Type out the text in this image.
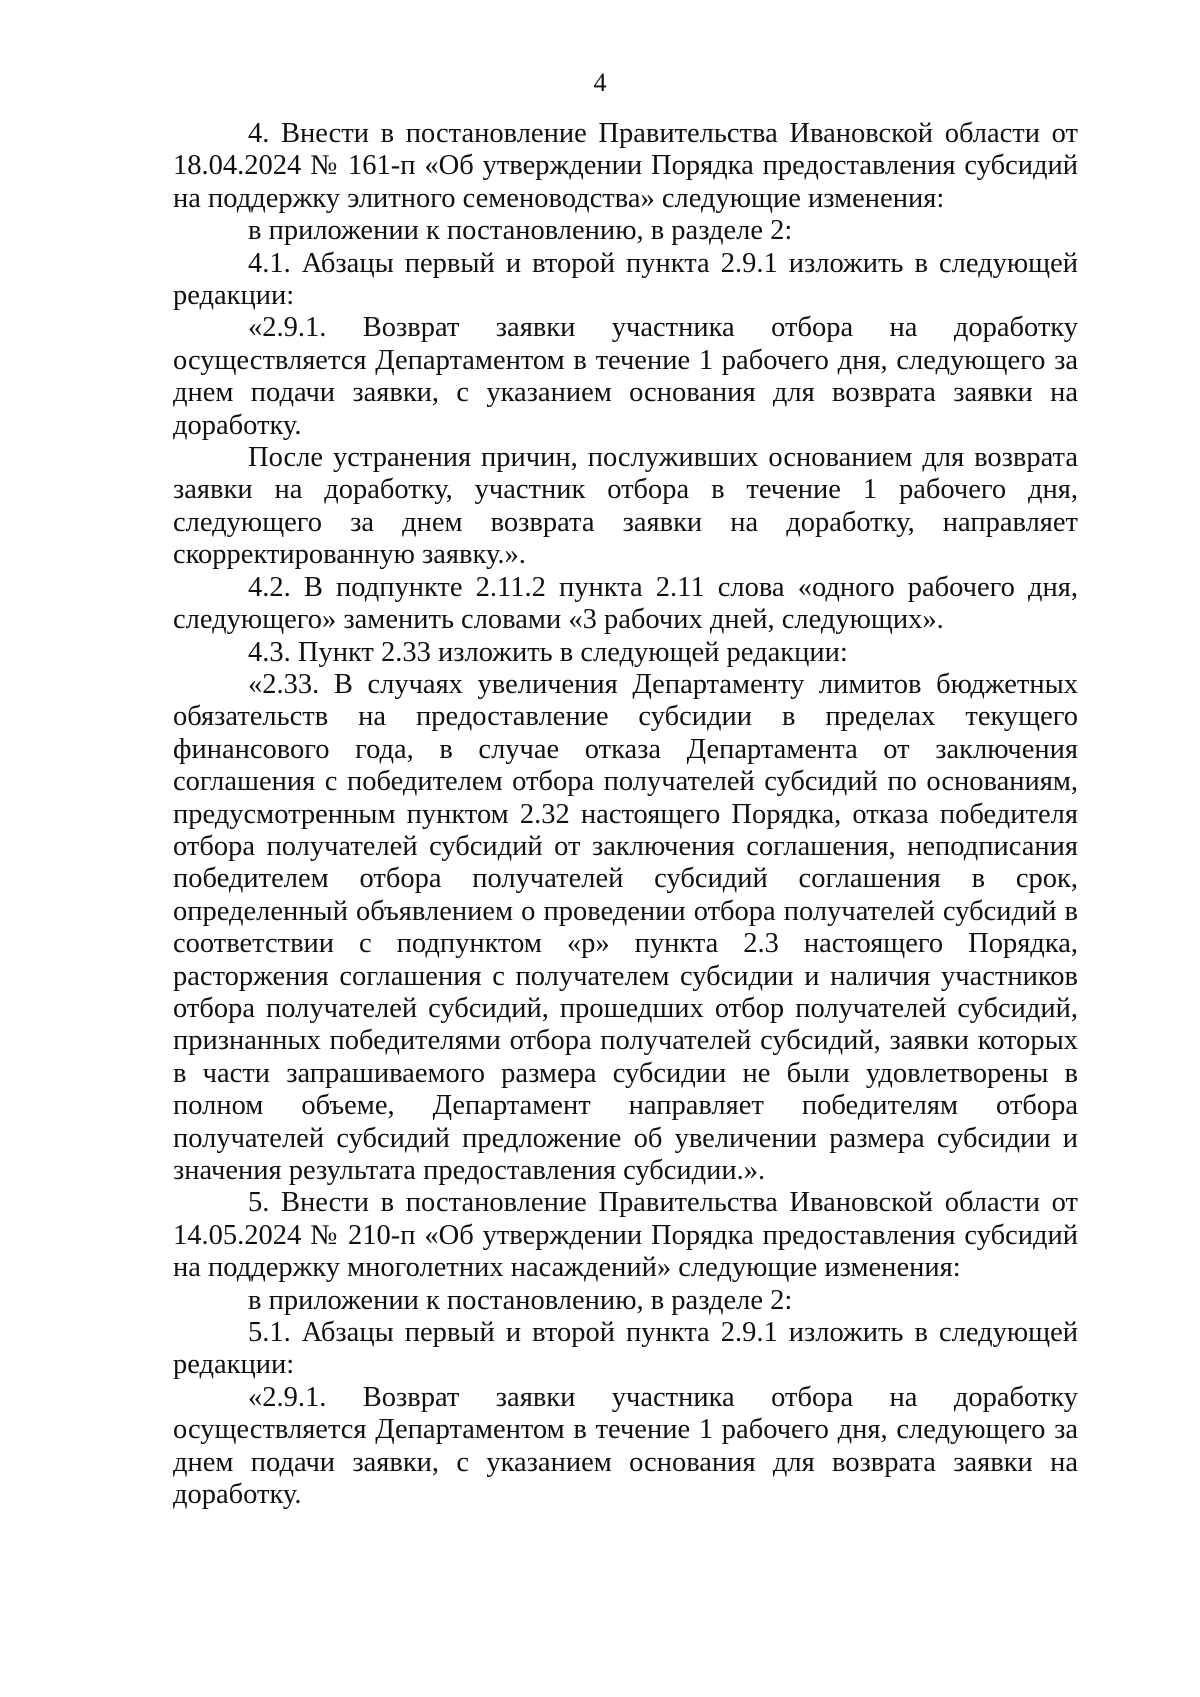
4

4. Внести в постановление Правительства Ивановской области от 18.04.2024 № 161-п «Об утверждении Порядка предоставления субсидий на поддержку элитного семеноводства» следующие изменения:

в приложении к постановлению, в разделе 2:

4.1. Абзацы первый и второй пункта 2.9.1 изложить в следующей редакции:

«2.9.1. Возврат заявки участника отбора на доработку осуществляется Департаментом в течение 1 рабочего дня, следующего за днем подачи заявки, с указанием основания для возврата заявки на доработку.

После устранения причин, послуживших основанием для возврата заявки на доработку, участник отбора в течение 1 рабочего дня, следующего за днем возврата заявки на доработку, направляет скорректированную заявку.».

4.2. В подпункте 2.11.2 пункта 2.11 слова «одного рабочего дня, следующего» заменить словами «3 рабочих дней, следующих».

4.3. Пункт 2.33 изложить в следующей редакции:

«2.33. В случаях увеличения Департаменту лимитов бюджетных обязательств на предоставление субсидии в пределах текущего финансового года, в случае отказа Департамента от заключения соглашения с победителем отбора получателей субсидий по основаниям, предусмотренным пунктом 2.32 настоящего Порядка, отказа победителя отбора получателей субсидий от заключения соглашения, неподписания победителем отбора получателей субсидий соглашения в срок, определенный объявлением о проведении отбора получателей субсидий в соответствии с подпунктом «р» пункта 2.3 настоящего Порядка, расторжения соглашения с получателем субсидии и наличия участников отбора получателей субсидий, прошедших отбор получателей субсидий, признанных победителями отбора получателей субсидий, заявки которых в части запрашиваемого размера субсидии не были удовлетворены в полном объеме, Департамент направляет победителям отбора получателей субсидий предложение об увеличении размера субсидии и значения результата предоставления субсидии.».

5. Внести в постановление Правительства Ивановской области от 14.05.2024 № 210-п «Об утверждении Порядка предоставления субсидий на поддержку многолетних насаждений» следующие изменения:

в приложении к постановлению, в разделе 2:

5.1. Абзацы первый и второй пункта 2.9.1 изложить в следующей редакции:

«2.9.1. Возврат заявки участника отбора на доработку осуществляется Департаментом в течение 1 рабочего дня, следующего за днем подачи заявки, с указанием основания для возврата заявки на доработку.
